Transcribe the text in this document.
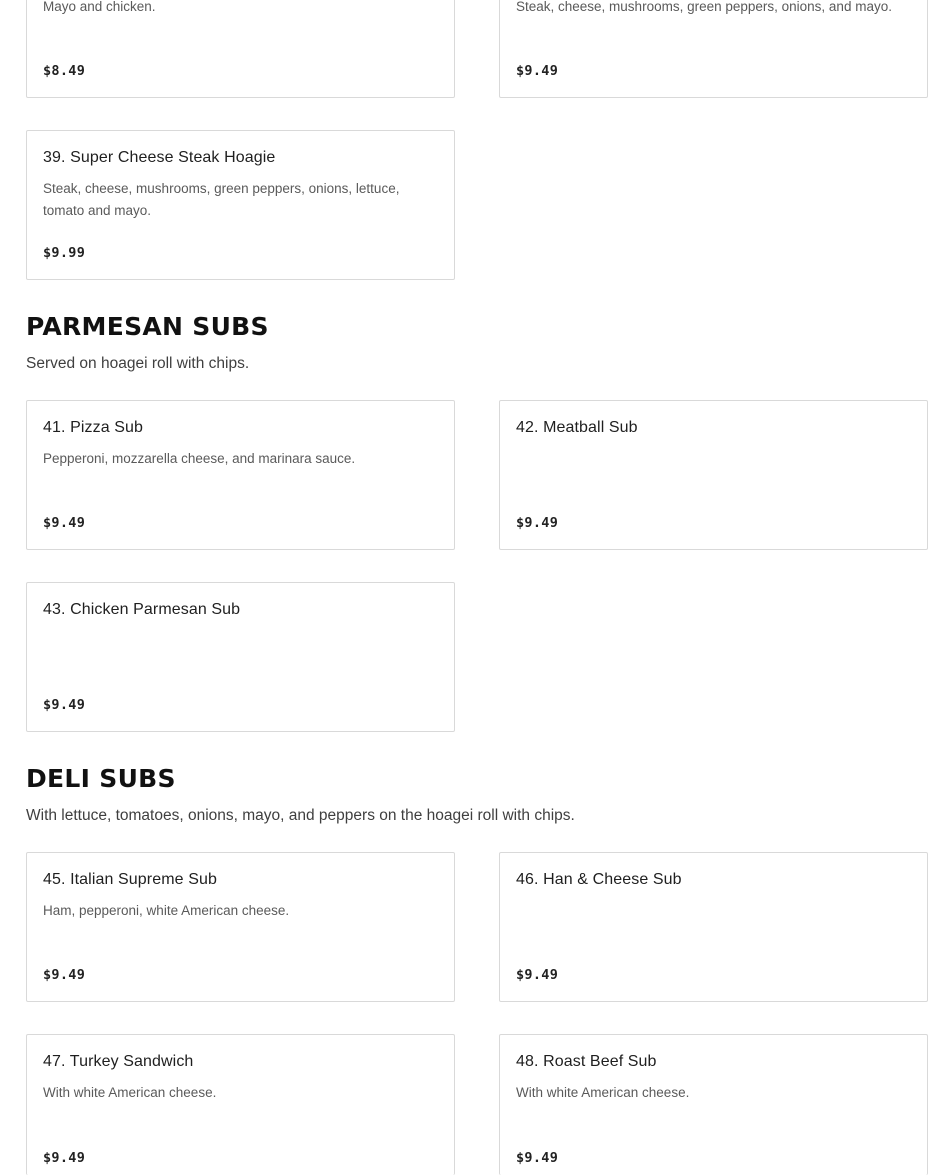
Mayo and chicken.
$8.49
Steak, cheese, mushrooms, green peppers, onions, and mayo.
$9.49
39. Super Cheese Steak Hoagie
Steak, cheese, mushrooms, green peppers, onions, lettuce, tomato and mayo.
$9.99
PARMESAN SUBS

Served on hoagei roll with chips.

41. Pizza Sub
Pepperoni, mozzarella cheese, and marinara sauce.
$9.49
42. Meatball Sub
$9.49
43. Chicken Parmesan Sub
$9.49
DELI SUBS

With lettuce, tomatoes, onions, mayo, and peppers on the hoagei roll with chips.

45. Italian Supreme Sub
Ham, pepperoni, white American cheese.
$9.49
46. Han & Cheese Sub
$9.49
47. Turkey Sandwich
With white American cheese.
$9.49
48. Roast Beef Sub
With white American cheese.
$9.49
